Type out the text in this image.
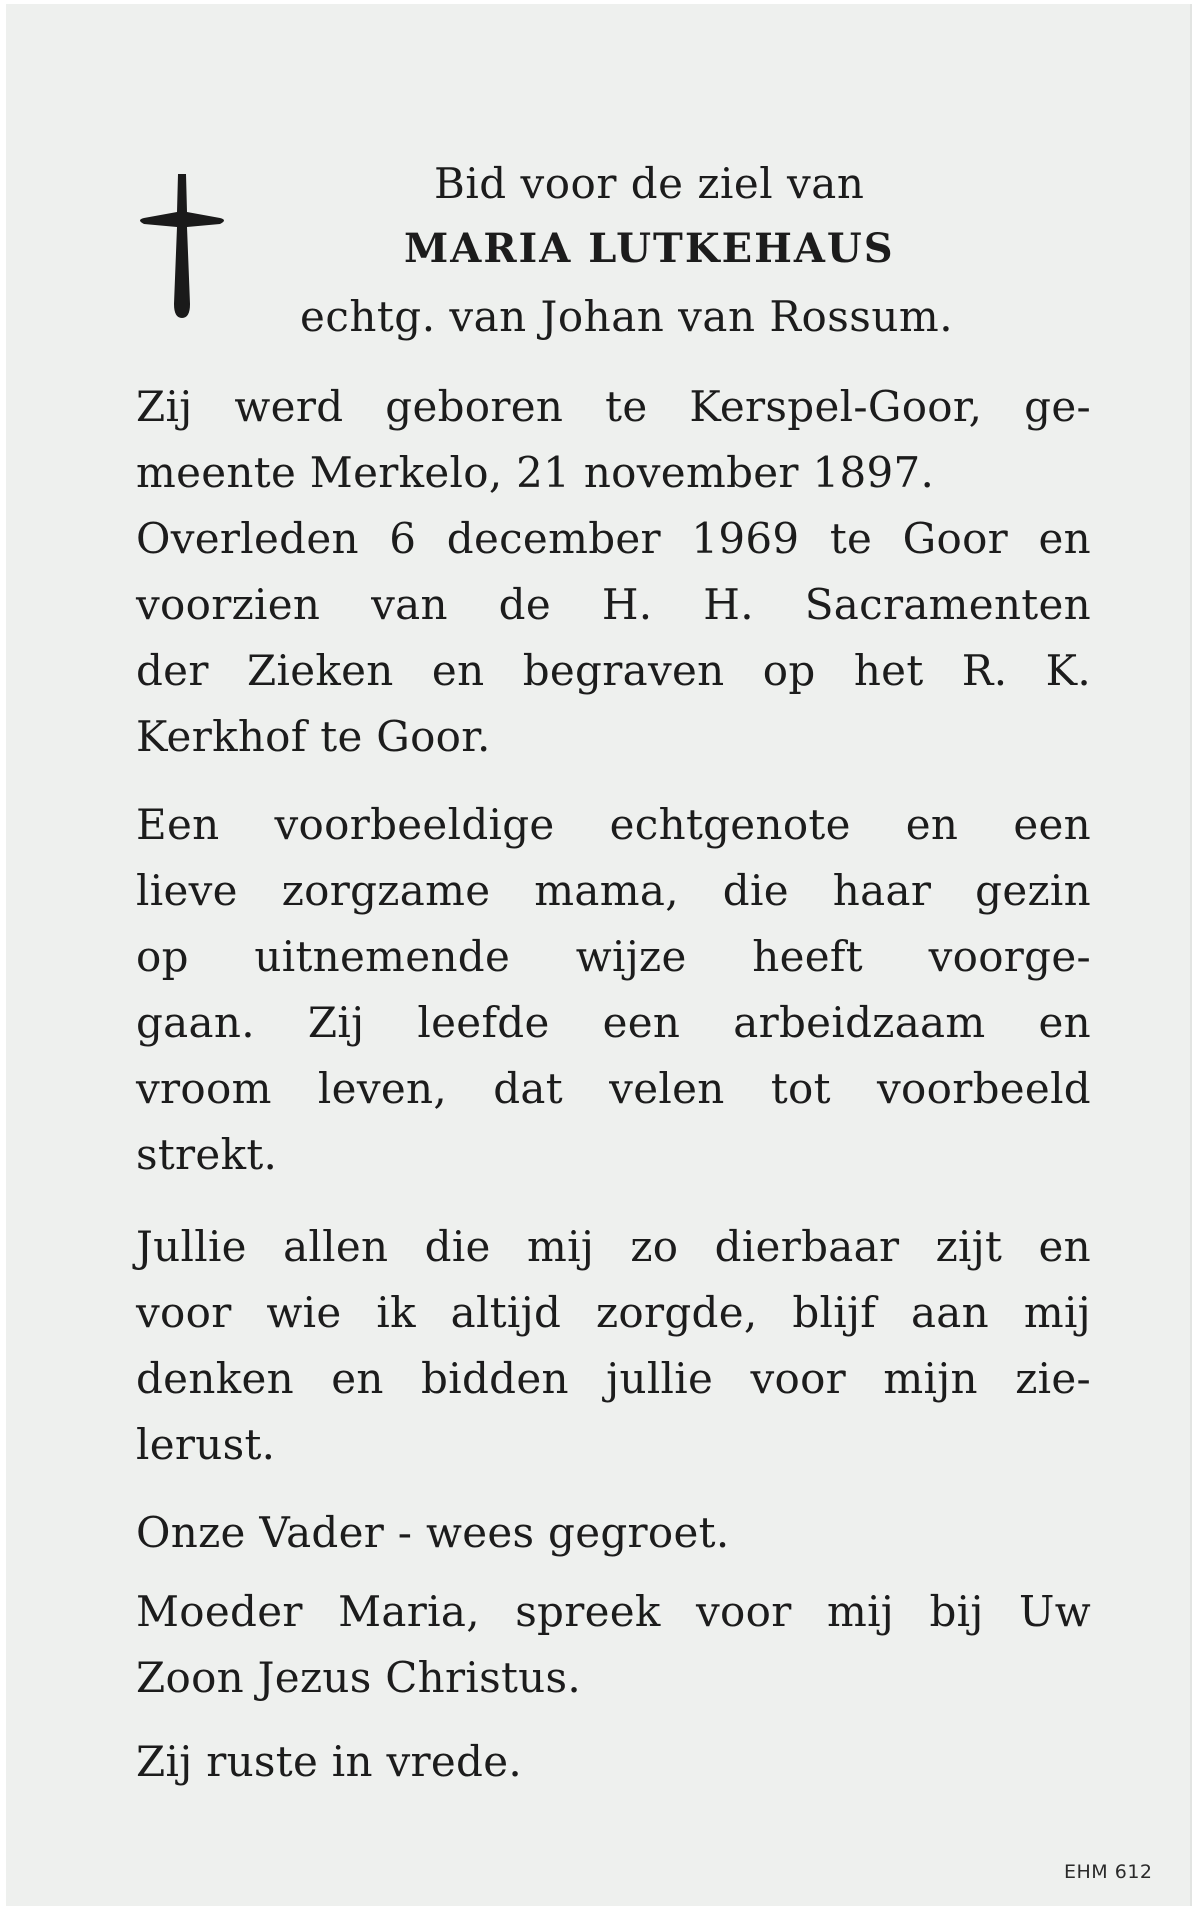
Bid voor de ziel van
MARIA LUTKEHAUS
echtg. van Johan van Rossum.
Zij werd geboren te Kerspel-Goor, ge-
meente Merkelo, 21 november 1897.
Overleden 6 december 1969 te Goor en
voorzien van de H. H. Sacramenten
der Zieken en begraven op het R. K.
Kerkhof te Goor.
Een voorbeeldige echtgenote en een
lieve zorgzame mama, die haar gezin
op uitnemende wijze heeft voorge-
gaan. Zij leefde een arbeidzaam en
vroom leven, dat velen tot voorbeeld
strekt.
Jullie allen die mij zo dierbaar zijt en
voor wie ik altijd zorgde, blijf aan mij
denken en bidden jullie voor mijn zie-
lerust.
Onze Vader - wees gegroet.
Moeder Maria, spreek voor mij bij Uw
Zoon Jezus Christus.
Zij ruste in vrede.
EHM 612
